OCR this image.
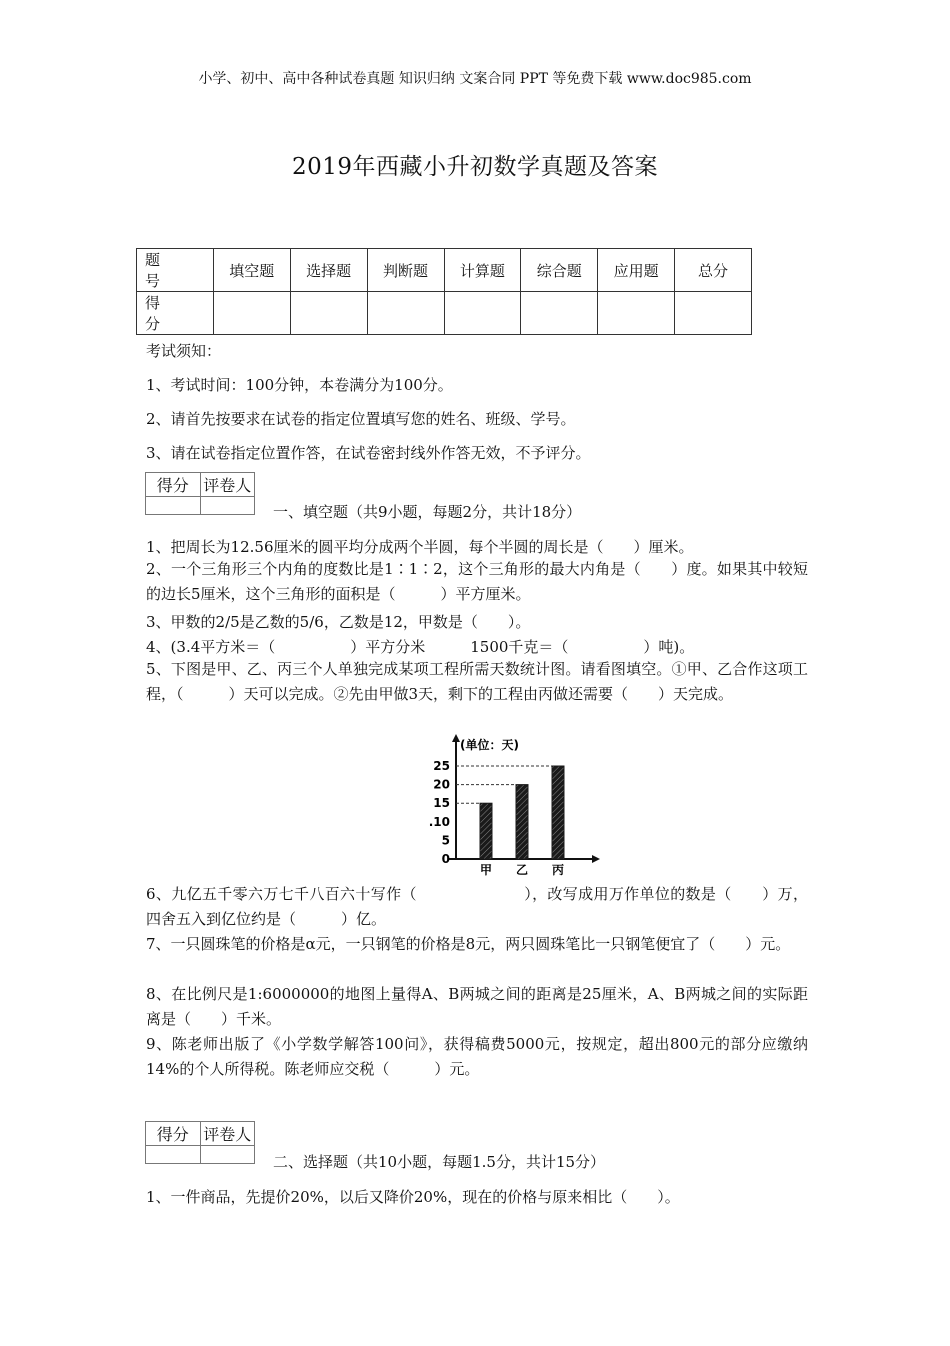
小学、初中、高中各种试卷真题 知识归纳 文案合同 PPT 等免费下载 www.doc985.com
2019年西藏小升初数学真题及答案
题　号	填空题	选择题	判断题	计算题	综合题	应用题	总分
得　分							
考试须知：
1、考试时间：100分钟，本卷满分为100分。
2、请首先按要求在试卷的指定位置填写您的姓名、班级、学号。
3、请在试卷指定位置作答，在试卷密封线外作答无效，不予评分。
得分	评卷人

一、填空题（共9小题，每题2分，共计18分）
1、把周长为12.56厘米的圆平均分成两个半圆，每个半圆的周长是（　　）厘米。
2、一个三角形三个内角的度数比是1∶1∶2，这个三角形的最大内角是（　　）度。如果其中较短的边长5厘米，这个三角形的面积是（　　　）平方厘米。
3、甲数的2/5是乙数的5/6，乙数是12，甲数是（　　）。
4、(3.4平方米＝（　　　　　）平方分米　　　1500千克＝（　　　　　）吨)。
5、下图是甲、乙、丙三个人单独完成某项工程所需天数统计图。请看图填空。①甲、乙合作这项工程，（　　　）天可以完成。②先由甲做3天，剩下的工程由丙做还需要（　　）天完成。
(单位：天)
25
20
15
.10
5
0
甲 乙 丙
6、九亿五千零六万七千八百六十写作（　　　　　　　），改写成用万作单位的数是（　　）万，四舍五入到亿位约是（　　　）亿。
7、一只圆珠笔的价格是α元，一只钢笔的价格是8元，两只圆珠笔比一只钢笔便宜了（　　）元。
8、在比例尺是1:6000000的地图上量得A、B两城之间的距离是25厘米，A、B两城之间的实际距离是（　　）千米。
9、陈老师出版了《小学数学解答100问》，获得稿费5000元，按规定，超出800元的部分应缴纳14%的个人所得税。陈老师应交税（　　　）元。
得分	评卷人

二、选择题（共10小题，每题1.5分，共计15分）
1、一件商品，先提价20%，以后又降价20%，现在的价格与原来相比（　　）。
